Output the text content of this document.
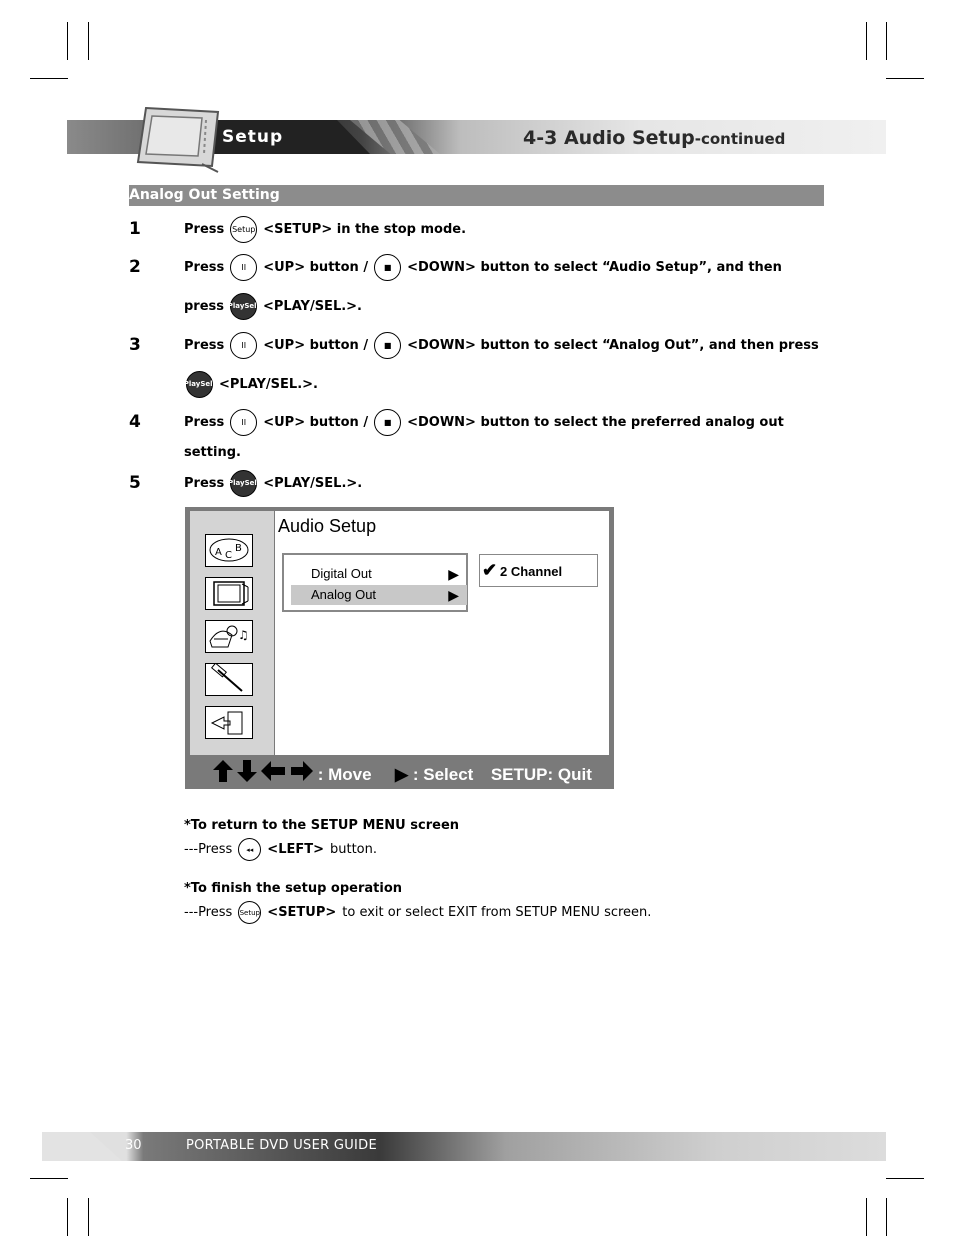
Setup	4-3 Audio Setup-continued
Analog Out Setting
1	Press Setup <SETUP> in the stop mode.
2	Press	II	<UP> button /	■	<DOWN> button to select “Audio Setup”, and then
press Play Sel. <PLAY/SEL.>.
3	Press	II	<UP> button /	■	<DOWN> button to select “Analog Out”, and then press
Play Sel. <PLAY/SEL.>.
4	Press	II	<UP> button /	■	<DOWN> button to select the preferred analog out
setting.
5	Press Play Sel. <PLAY/SEL.>.
A C
B
♫
Audio Setup
Digital Out	▶
Analog Out	▶
✔ 2 Channel
: Move ▶ : Select SETUP: Quit
*To return to the SETUP MENU screen
---Press	◂◂	<LEFT> button.
*To finish the setup operation
---Press Setup <SETUP> to exit or select EXIT from SETUP MENU screen.
30	PORTABLE DVD USER GUIDE
